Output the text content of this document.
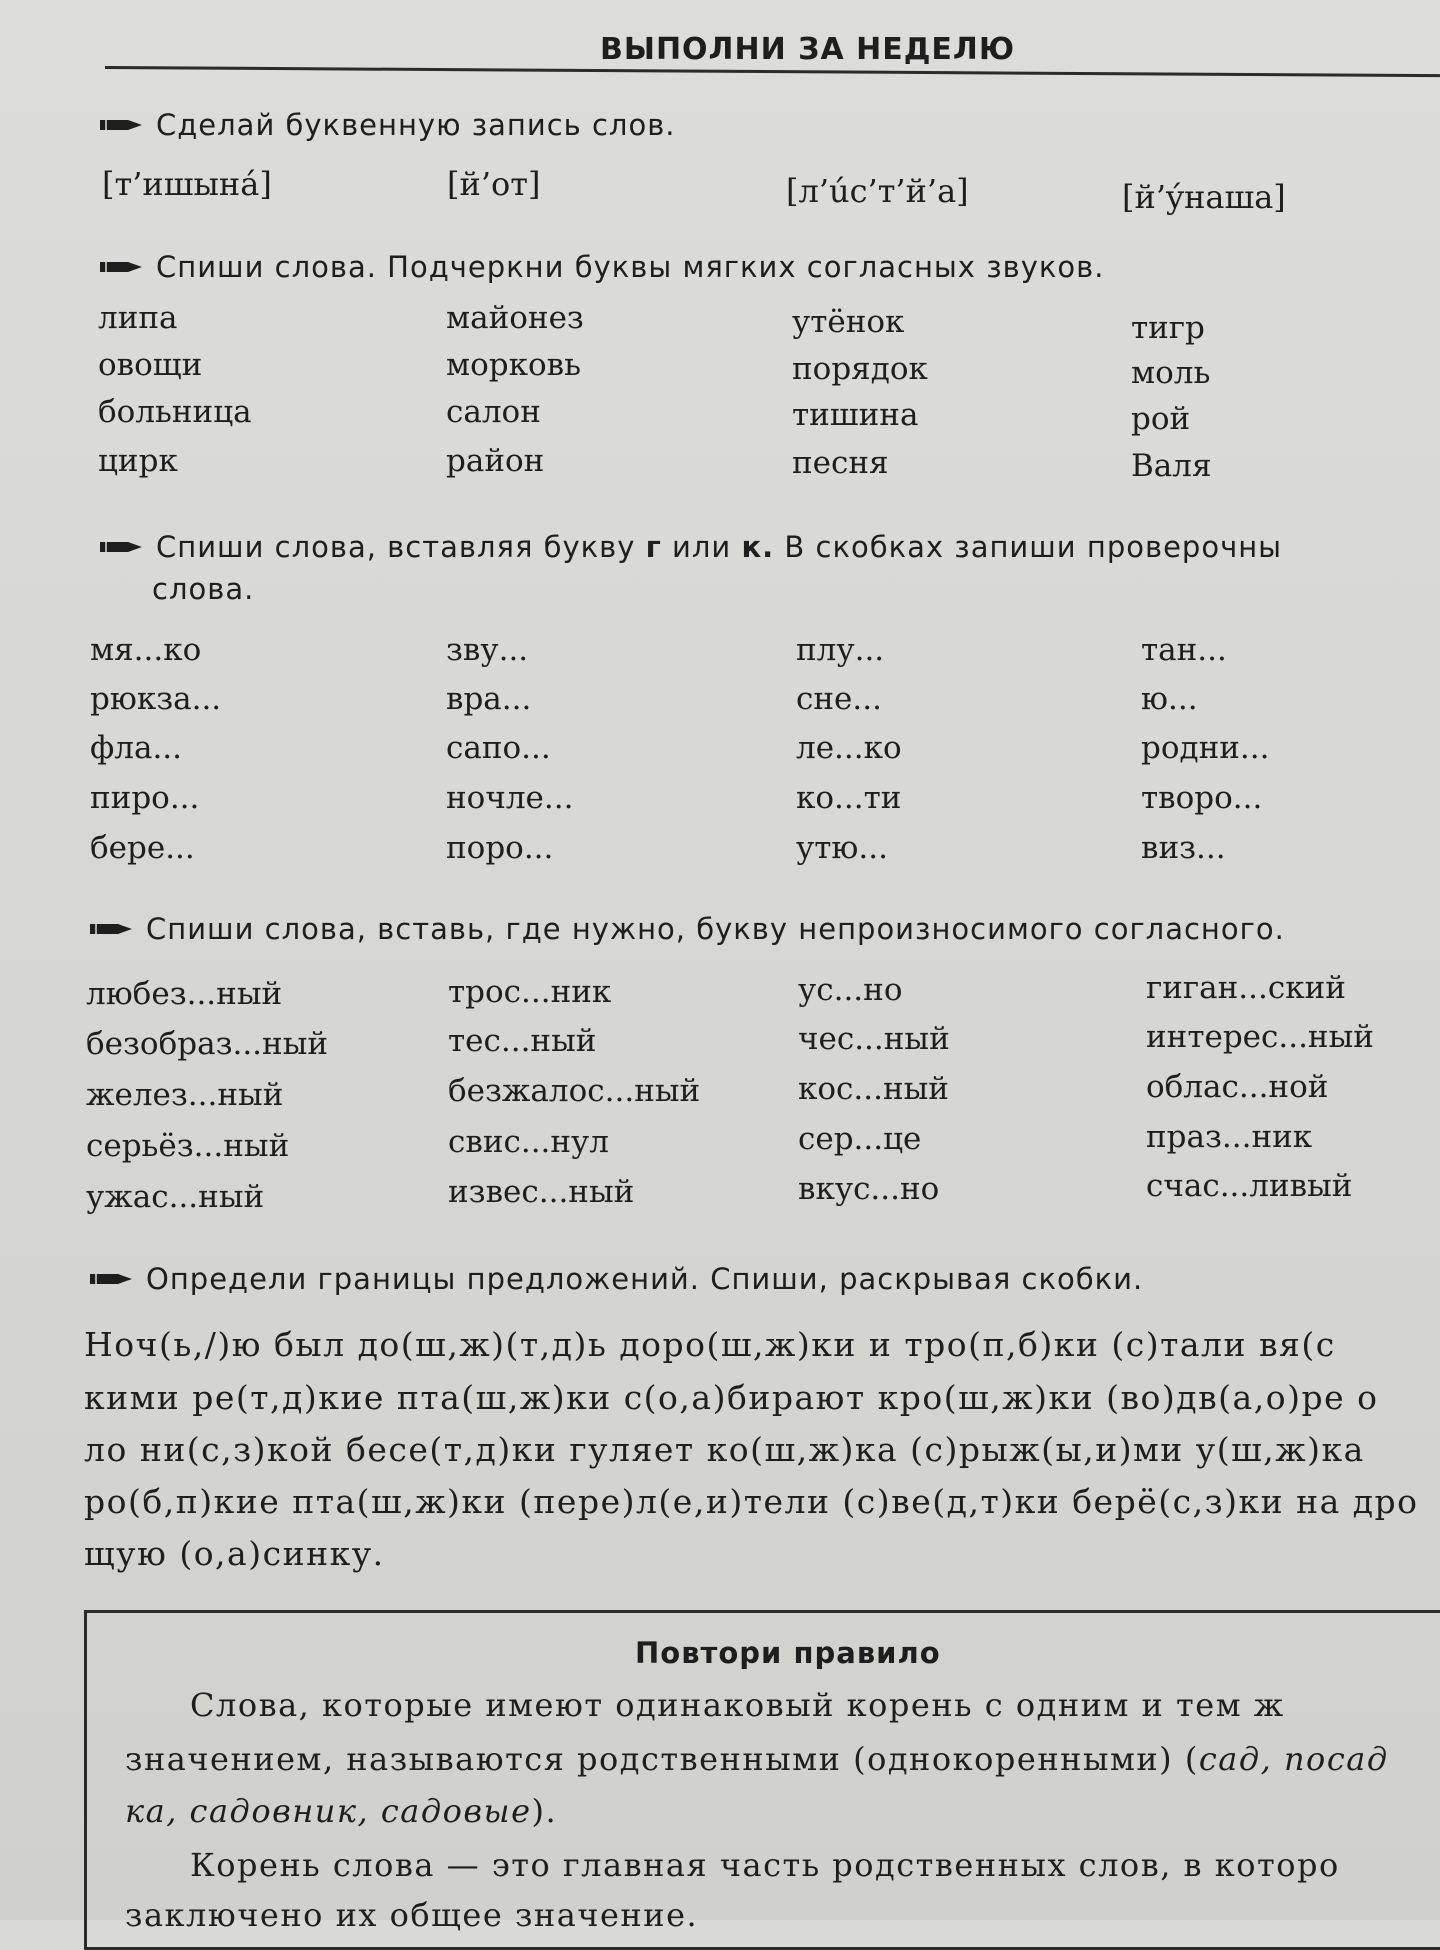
ВЫПОЛНИ ЗА НЕДЕЛЮ
Сделай буквенную запись слов.
[т’ишынá]	[й’от]	[л’úс’т’й’а]	[й’ýнаша]
Спиши слова. Подчеркни буквы мягких согласных звуков.
липа	майонез	утёнок	тигр
овощи	морковь	порядок	моль
больница	салон	тишина	рой
цирк	район	песня	Валя
Спиши слова, вставляя букву г или к. В скобках запиши проверочны
слова.
мя...ко	зву...	плу...	тан...
рюкза...	вра...	сне...	ю...
фла...	сапо...	ле...ко	родни...
пиро...	ночле...	ко...ти	творо...
бере...	поро...	утю...	виз...
Спиши слова, вставь, где нужно, букву непроизносимого согласного.
любез...ный	трос...ник	ус...но	гиган...ский
безобраз...ный	тес...ный	чес...ный	интерес...ный
желез...ный	безжалос...ный	кос...ный	облас...ной
серьёз...ный	свис...нул	сер...це	праз...ник
ужас...ный	извес...ный	вкус...но	счас...ливый
Определи границы предложений. Спиши, раскрывая скобки.
Ноч(ь,/)ю был до(ш,ж)(т,д)ь доро(ш,ж)ки и тро(п,б)ки (с)тали вя(с
кими ре(т,д)кие пта(ш,ж)ки с(о,а)бирают кро(ш,ж)ки (во)дв(а,о)ре о
ло ни(с,з)кой бесе(т,д)ки гуляет ко(ш,ж)ка (с)рыж(ы,и)ми у(ш,ж)ка
ро(б,п)кие пта(ш,ж)ки (пере)л(е,и)тели (с)ве(д,т)ки берё(с,з)ки на дро
щую (о,а)синку.
Повтори правило
Слова, которые имеют одинаковый корень с одним и тем ж
значением, называются родственными (однокоренными) (сад, посад
ка, садовник, садовые).
Корень слова — это главная часть родственных слов, в которо
заключено их общее значение.
